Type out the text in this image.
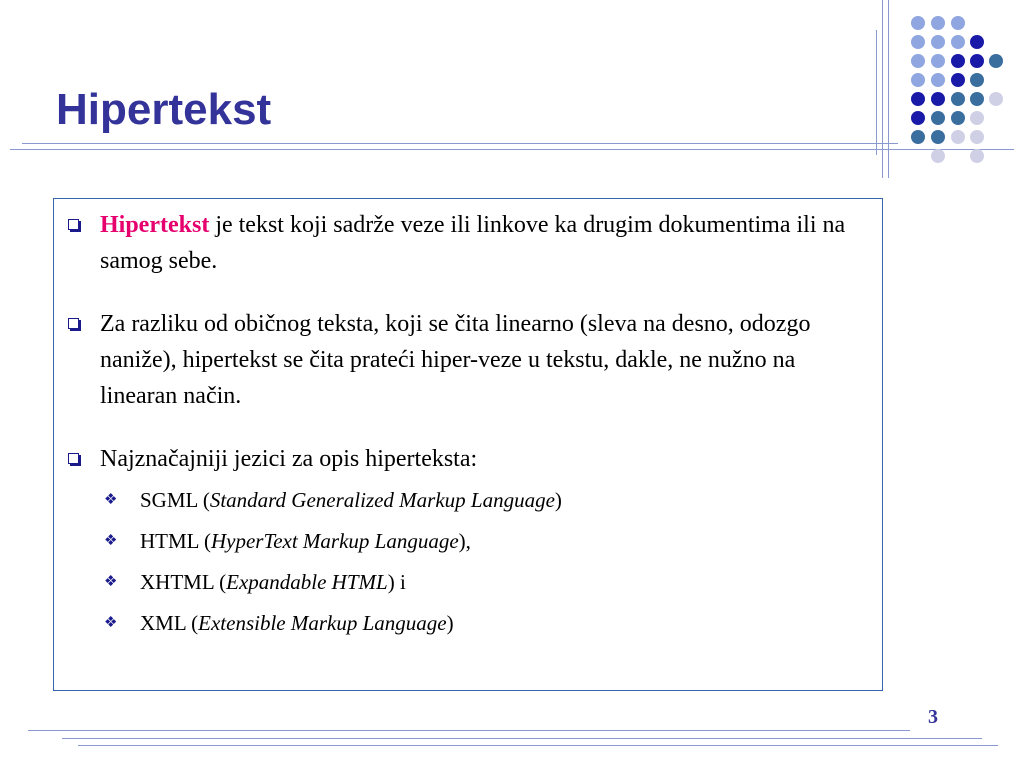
Hipertekst
Hipertekst je tekst koji sadrže veze ili linkove ka drugim dokumentima ili na samog sebe.
Za razliku od običnog teksta, koji se čita linearno (sleva na desno, odozgo naniže), hipertekst se čita prateći hiper-veze u tekstu, dakle, ne nužno na linearan način.
Najznačajniji jezici za opis hiperteksta:
❖ SGML (Standard Generalized Markup Language)
❖ HTML (HyperText Markup Language),
❖ XHTML (Expandable HTML) i
❖ XML (Extensible Markup Language)
3
